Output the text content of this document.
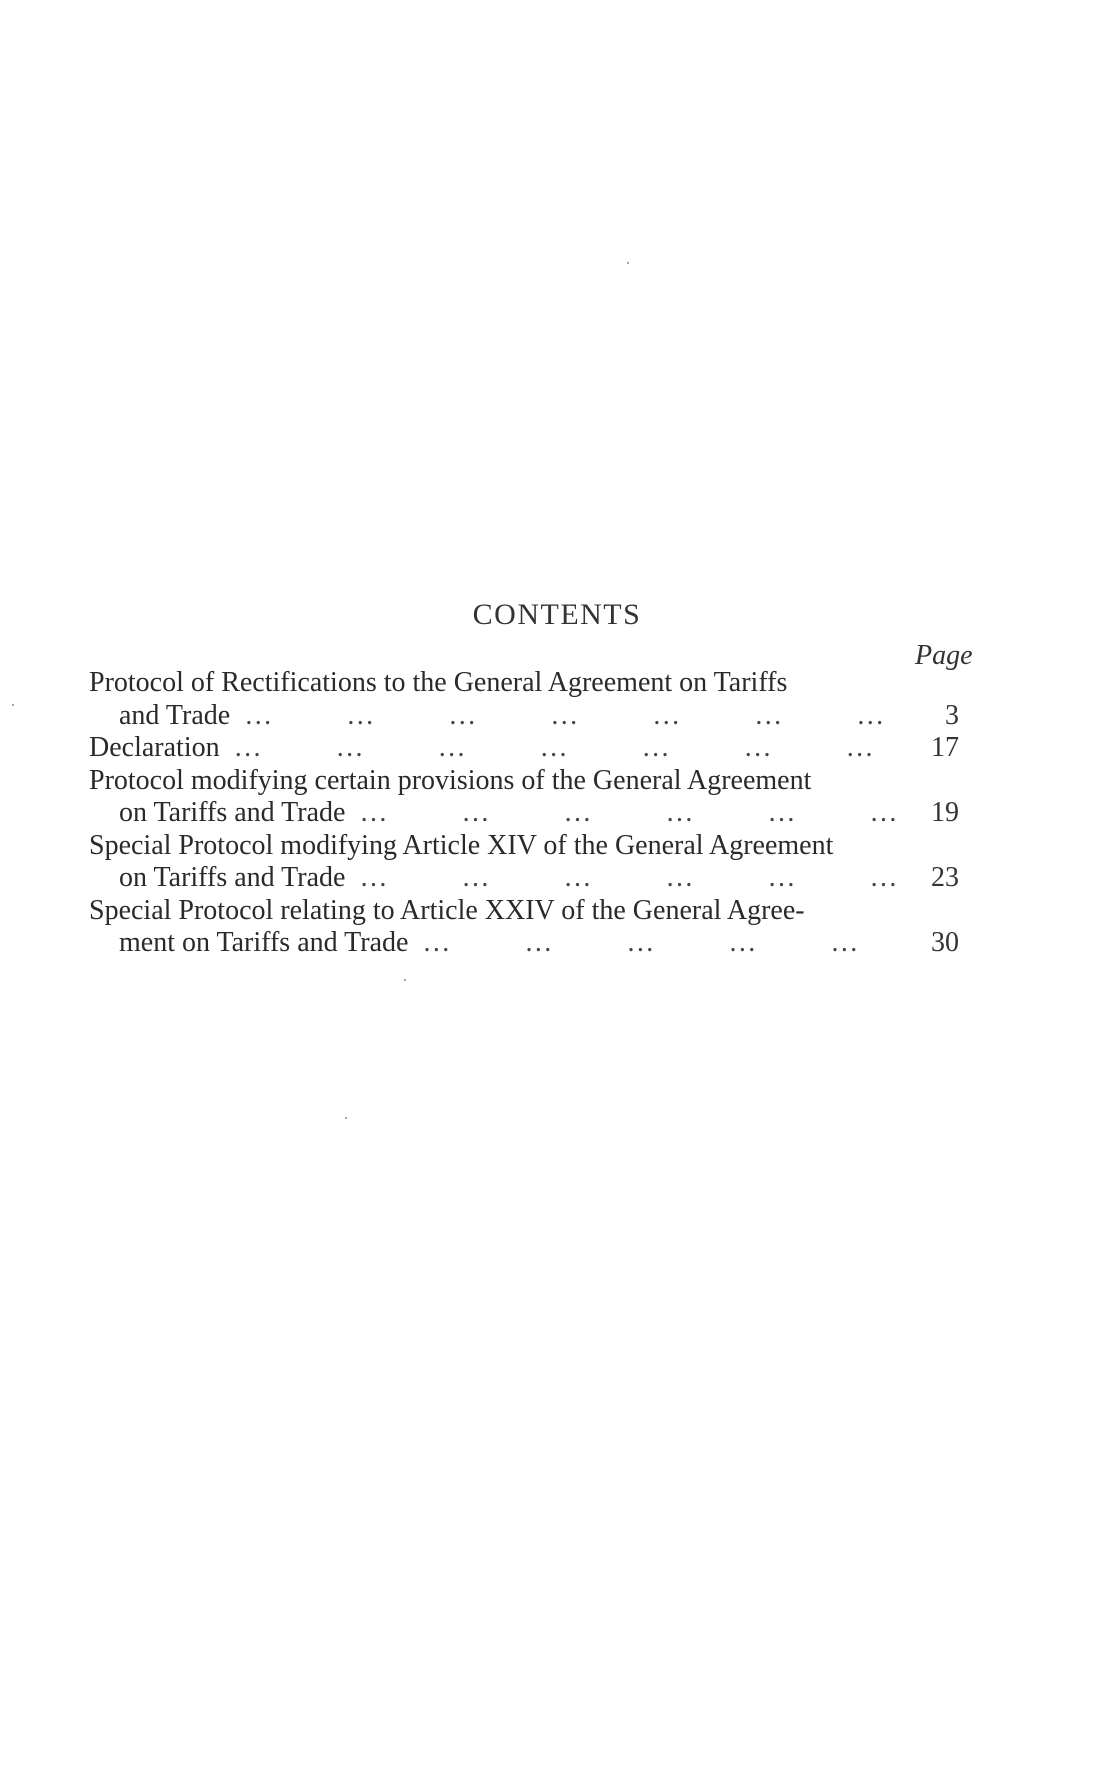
CONTENTS
Page
Protocol of Rectifications to the General Agreement on Tariffs
and Trade … … … … … … … … … … … …	3
Declaration … … … … … … … … … … … …	17
Protocol modifying certain provisions of the General Agreement
on Tariffs and Trade … … … … … … … … … … … …	19
Special Protocol modifying Article XIV of the General Agreement
on Tariffs and Trade … … … … … … … … … … … …	23
Special Protocol relating to Article XXIV of the General Agree-
ment on Tariffs and Trade … … … … … … … … … … … …	30
